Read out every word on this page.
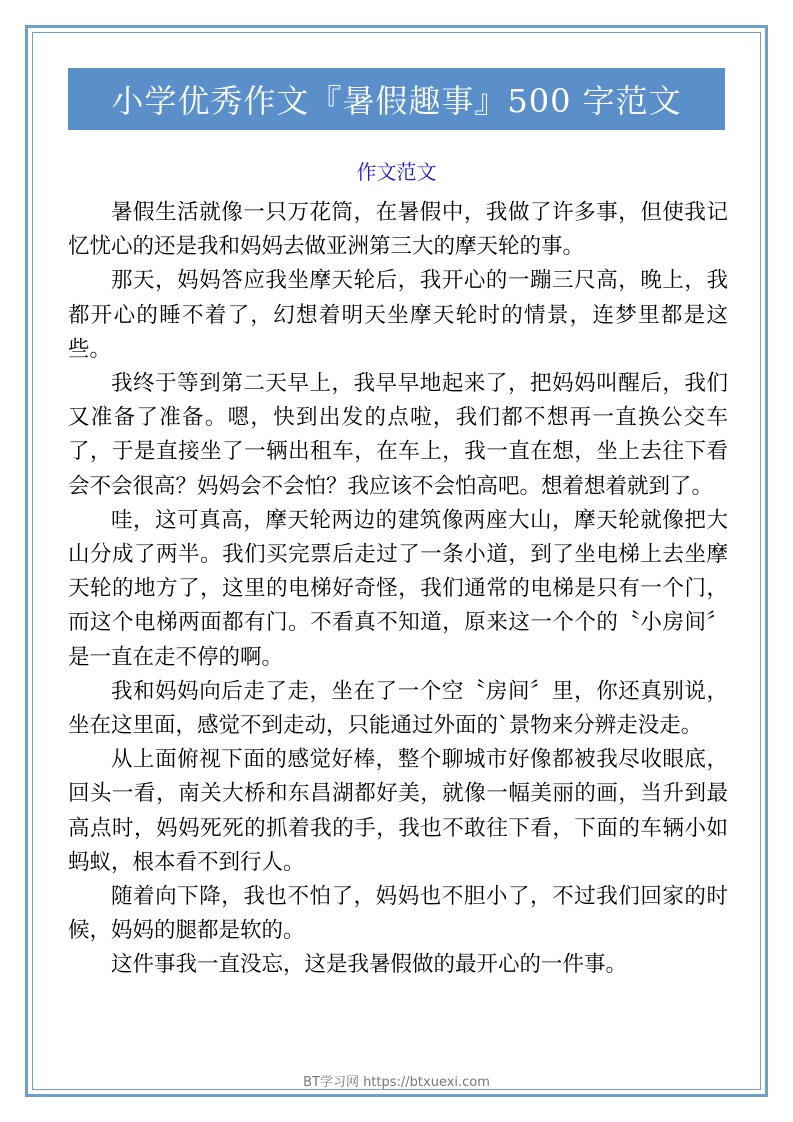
小学优秀作文『暑假趣事』500 字范文
作文范文

暑假生活就像一只万花筒，在暑假中，我做了许多事，但使我记忆忧心的还是我和妈妈去做亚洲第三大的摩天轮的事。

那天，妈妈答应我坐摩天轮后，我开心的一蹦三尺高，晚上，我都开心的睡不着了，幻想着明天坐摩天轮时的情景，连梦里都是这些。

我终于等到第二天早上，我早早地起来了，把妈妈叫醒后，我们又准备了准备。嗯，快到出发的点啦，我们都不想再一直换公交车了，于是直接坐了一辆出租车，在车上，我一直在想，坐上去往下看会不会很高？妈妈会不会怕？我应该不会怕高吧。想着想着就到了。

哇，这可真高，摩天轮两边的建筑像两座大山，摩天轮就像把大山分成了两半。我们买完票后走过了一条小道，到了坐电梯上去坐摩天轮的地方了，这里的电梯好奇怪，我们通常的电梯是只有一个门，而这个电梯两面都有门。不看真不知道，原来这一个个的〝小房间〞是一直在走不停的啊。

我和妈妈向后走了走，坐在了一个空〝房间〞里，你还真别说，坐在这里面，感觉不到走动，只能通过外面的`景物来分辨走没走。

从上面俯视下面的感觉好棒，整个聊城市好像都被我尽收眼底，回头一看，南关大桥和东昌湖都好美，就像一幅美丽的画，当升到最高点时，妈妈死死的抓着我的手，我也不敢往下看，下面的车辆小如蚂蚁，根本看不到行人。

随着向下降，我也不怕了，妈妈也不胆小了，不过我们回家的时候，妈妈的腿都是软的。

这件事我一直没忘，这是我暑假做的最开心的一件事。

BT学习网 https://btxuexi.com
